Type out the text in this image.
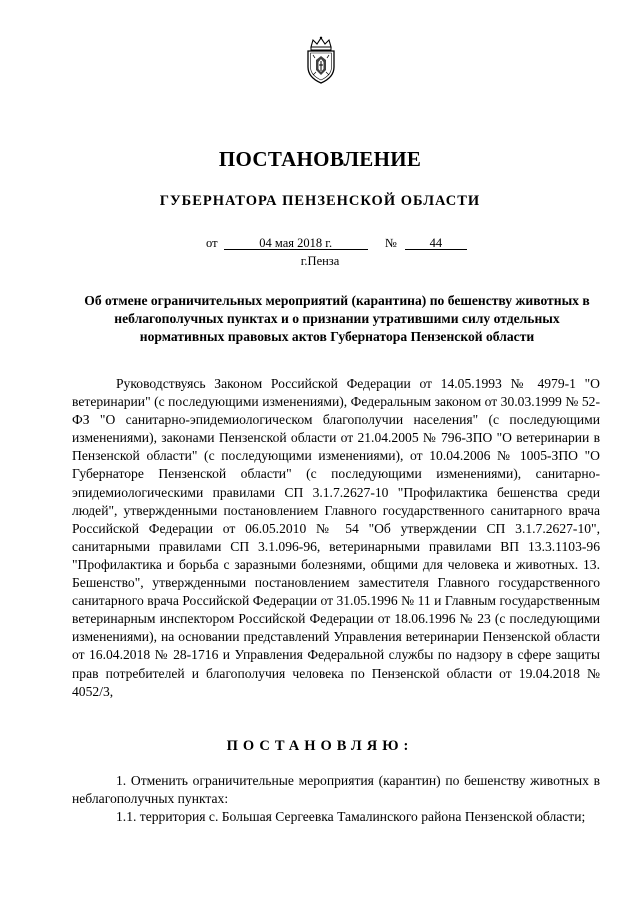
ПОСТАНОВЛЕНИЕ
ГУБЕРНАТОРА ПЕНЗЕНСКОЙ ОБЛАСТИ
от	04 мая 2018 г.	№	44
г.Пенза
Об отмене ограничительных мероприятий (карантина) по бешенству животных в неблагополучных пунктах и о признании утратившими силу отдельных нормативных правовых актов Губернатора Пензенской области

Руководствуясь Законом Российской Федерации от 14.05.1993 № 4979-1 "О ветеринарии" (с последующими изменениями), Федеральным законом от 30.03.1999 № 52-ФЗ "О санитарно-эпидемиологическом благополучии населения" (с последующими изменениями), законами Пензенской области от 21.04.2005 № 796-ЗПО "О ветеринарии в Пензенской области" (с последующими изменениями), от 10.04.2006 № 1005-ЗПО "О Губернаторе Пензенской области" (с последующими изменениями), санитарно-эпидемиологическими правилами СП 3.1.7.2627-10 "Профилактика бешенства среди людей", утвержденными постановлением Главного государственного санитарного врача Российской Федерации от 06.05.2010 № 54 "Об утверждении СП 3.1.7.2627-10", санитарными правилами СП 3.1.096-96, ветеринарными правилами ВП 13.3.1103-96 "Профилактика и борьба с заразными болезнями, общими для человека и животных. 13. Бешенство", утвержденными постановлением заместителя Главного государственного санитарного врача Российской Федерации от 31.05.1996 № 11 и Главным государственным ветеринарным инспектором Российской Федерации от 18.06.1996 № 23 (с последующими изменениями), на основании представлений Управления ветеринарии Пензенской области от 16.04.2018 № 28-1716 и Управления Федеральной службы по надзору в сфере защиты прав потребителей и благополучия человека по Пензенской области от 19.04.2018 № 4052/3,

ПОСТАНОВЛЯЮ:

1. Отменить ограничительные мероприятия (карантин) по бешенству животных в неблагополучных пунктах:

1.1. территория с. Большая Сергеевка Тамалинского района Пензенской области;
